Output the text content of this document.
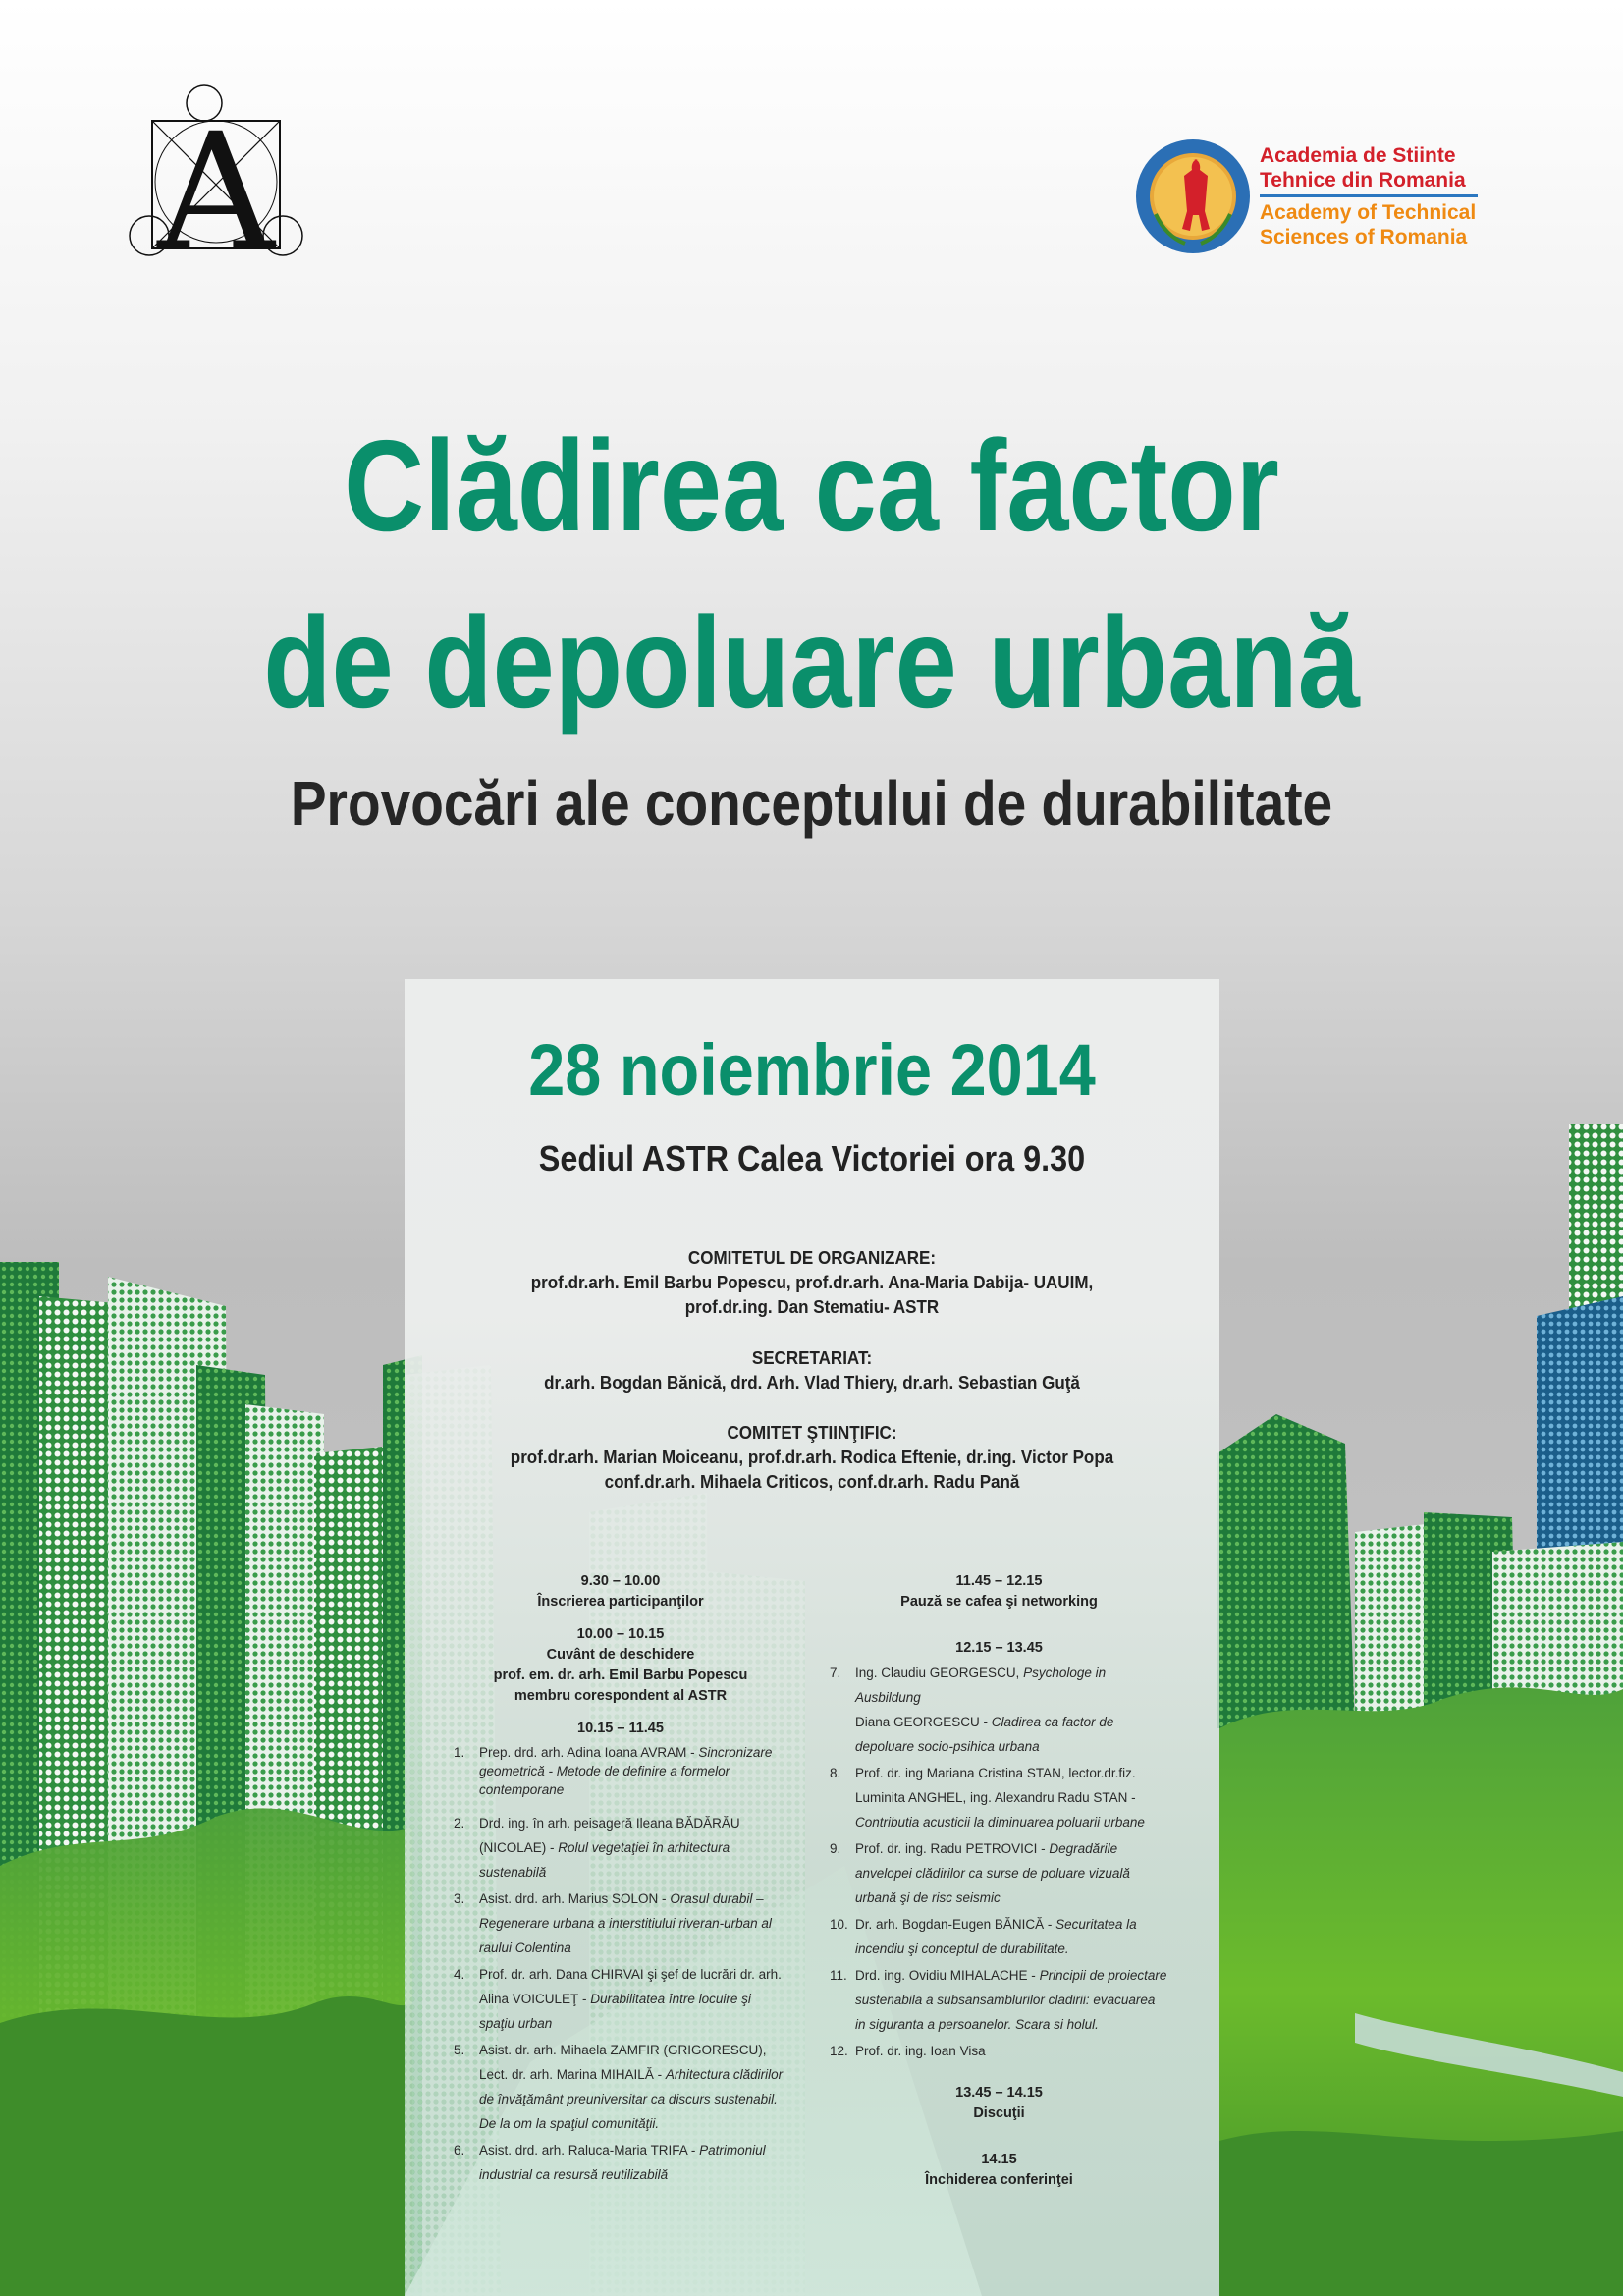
A	Academia de Stiinte
Tehnice din Romania
Academy of Technical
Sciences of Romania
Clădirea ca factor
de depoluare urbană
Provocări ale conceptului de durabilitate
28 noiembrie 2014
Sediul ASTR Calea Victoriei ora 9.30
COMITETUL DE ORGANIZARE:
prof.dr.arh. Emil Barbu Popescu, prof.dr.arh. Ana-Maria Dabija- UAUIM,
prof.dr.ing. Dan Stematiu- ASTR
SECRETARIAT:
dr.arh. Bogdan Bănică, drd. Arh. Vlad Thiery, dr.arh. Sebastian Guţă
COMITET ŞTIINŢIFIC:
prof.dr.arh. Marian Moiceanu, prof.dr.arh. Rodica Eftenie, dr.ing. Victor Popa
conf.dr.arh. Mihaela Criticos, conf.dr.arh. Radu Pană
9.30 – 10.00
Înscrierea participanţilor
10.00 – 10.15
Cuvânt de deschidere
prof. em. dr. arh. Emil Barbu Popescu
membru corespondent al ASTR
10.15 – 11.45
1. Prep. drd. arh. Adina Ioana AVRAM - Sincronizare geometrică - Metode de definire a formelor contemporane
2. Drd. ing. în arh. peisageră Ileana BĂDĂRĂU (NICOLAE) - Rolul vegetaţiei în arhitectura sustenabilă
3. Asist. drd. arh. Marius SOLON - Orasul durabil – Regenerare urbana a interstitiului riveran-urban al raului Colentina
4. Prof. dr. arh. Dana CHIRVAI şi şef de lucrări dr. arh. Alina VOICULEŢ - Durabilitatea între locuire şi spaţiu urban
5. Asist. dr. arh. Mihaela ZAMFIR (GRIGORESCU), Lect. dr. arh. Marina MIHAILĂ - Arhitectura clădirilor de învăţământ preuniversitar ca discurs sustenabil. De la om la spaţiul comunităţii.
6. Asist. drd. arh. Raluca-Maria TRIFA - Patrimoniul industrial ca resursă reutilizabilă
11.45 – 12.15
Pauză se cafea şi networking
12.15 – 13.45
7. Ing. Claudiu GEORGESCU, Psychologe in Ausbildung
Diana GEORGESCU - Cladirea ca factor de depoluare socio-psihica urbana
8. Prof. dr. ing Mariana Cristina STAN, lector.dr.fiz. Luminita ANGHEL, ing. Alexandru Radu STAN - Contributia acusticii la diminuarea poluarii urbane
9. Prof. dr. ing. Radu PETROVICI - Degradările anvelopei clădirilor ca surse de poluare vizuală urbană şi de risc seismic
10. Dr. arh. Bogdan-Eugen BĂNICĂ - Securitatea la incendiu şi conceptul de durabilitate.
11. Drd. ing. Ovidiu MIHALACHE - Principii de proiectare sustenabila a subsansamblurilor cladirii: evacuarea in siguranta a persoanelor. Scara si holul.
12. Prof. dr. ing. Ioan Visa
13.45 – 14.15
Discuţii
14.15
Închiderea conferinţei
